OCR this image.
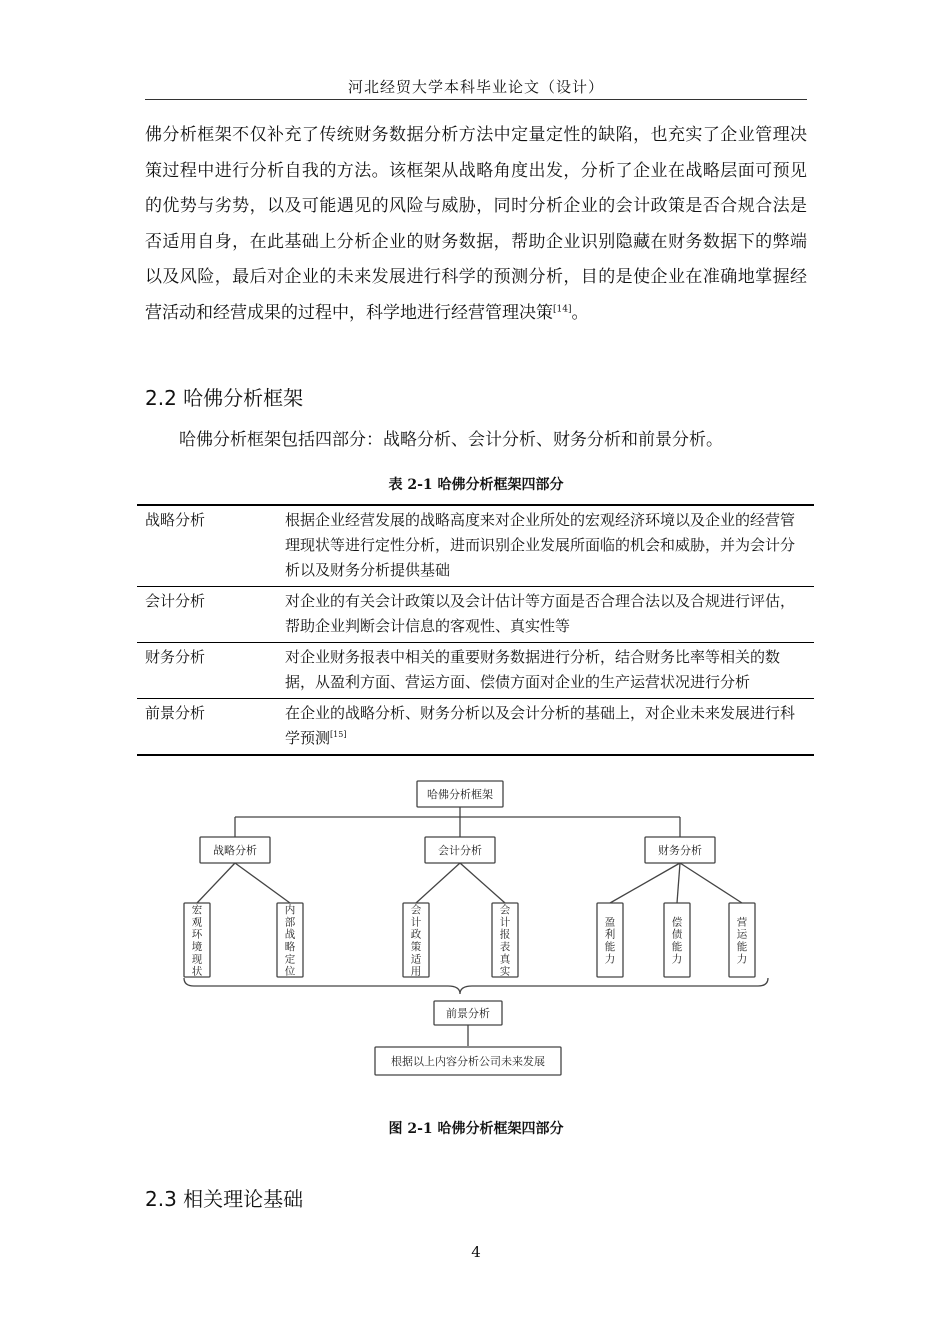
河北经贸大学本科毕业论文（设计）

佛分析框架不仅补充了传统财务数据分析方法中定量定性的缺陷，也充实了企业管理决策过程中进行分析自我的方法。该框架从战略角度出发，分析了企业在战略层面可预见的优势与劣势，以及可能遇见的风险与威胁，同时分析企业的会计政策是否合规合法是否适用自身，在此基础上分析企业的财务数据，帮助企业识别隐藏在财务数据下的弊端以及风险，最后对企业的未来发展进行科学的预测分析，目的是使企业在准确地掌握经营活动和经营成果的过程中，科学地进行经营管理决策[14]。

2.2 哈佛分析框架
哈佛分析框架包括四部分：战略分析、会计分析、财务分析和前景分析。
表 2-1 哈佛分析框架四部分
战略分析	根据企业经营发展的战略高度来对企业所处的宏观经济环境以及企业的经营管理现状等进行定性分析，进而识别企业发展所面临的机会和威胁，并为会计分析以及财务分析提供基础
会计分析	对企业的有关会计政策以及会计估计等方面是否合理合法以及合规进行评估，帮助企业判断会计信息的客观性、真实性等
财务分析	对企业财务报表中相关的重要财务数据进行分析，结合财务比率等相关的数据，从盈利方面、营运方面、偿债方面对企业的生产运营状况进行分析
前景分析	在企业的战略分析、财务分析以及会计分析的基础上，对企业未来发展进行科学预测[15]
哈佛分析框架
战略分析
宏观环境现状
内部战略定位
会计分析
会计政策适用
会计报表真实
财务分析
盈利能力
偿债能力
营运能力
前景分析
根据以上内容分析公司未来发展
图 2-1 哈佛分析框架四部分
2.3 相关理论基础
4
